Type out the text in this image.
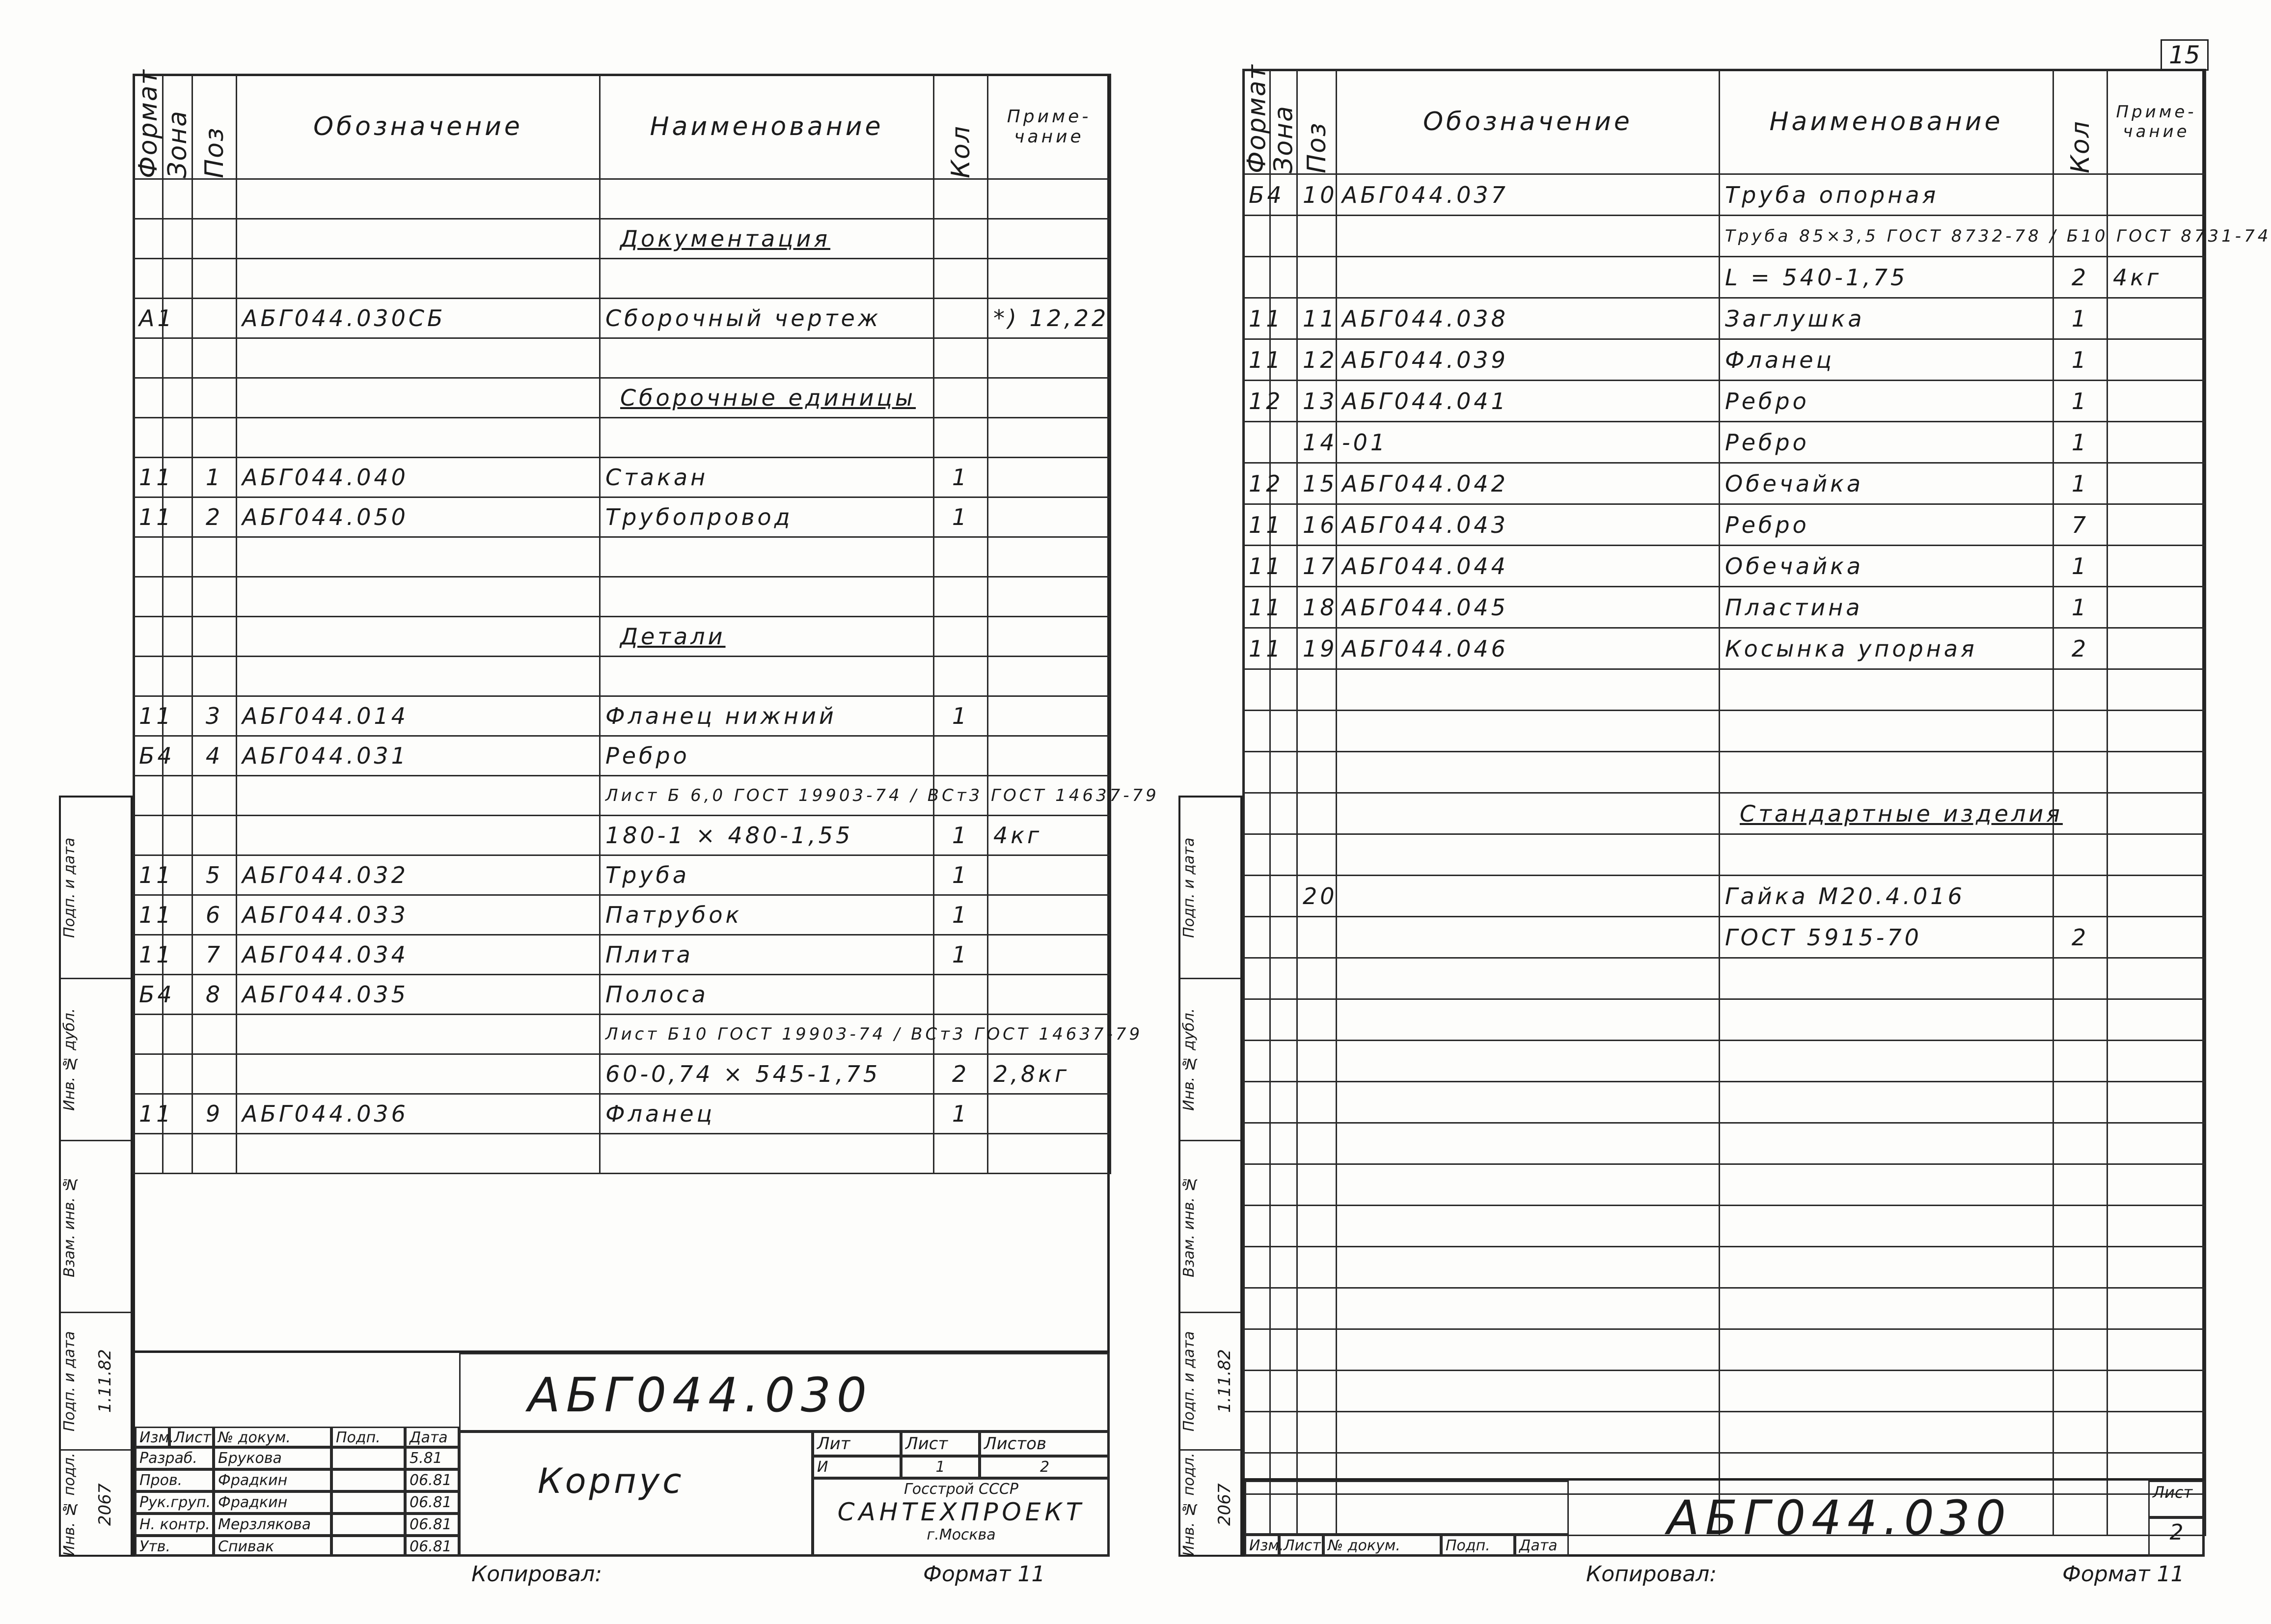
Формат	Зона	Поз	Обозначение	Наименование	Кол	Приме-
чание

				Документация		

А1			АБГ044.030СБ	Сборочный чертеж		*) 12,22

				Сборочные единицы		

11		1	АБГ044.040	Стакан	1	
11		2	АБГ044.050	Трубопровод	1	

				Детали		

11		3	АБГ044.014	Фланец нижний	1	
Б4		4	АБГ044.031	Ребро		
				Лист Б 6,0 ГОСТ 19903-74 / ВСт3 ГОСТ 14637-79		
				180-1 × 480-1,55	1	4кг
11		5	АБГ044.032	Труба	1	
11		6	АБГ044.033	Патрубок	1	
11		7	АБГ044.034	Плита	1	
Б4		8	АБГ044.035	Полоса		
				Лист Б10 ГОСТ 19903-74 / ВСт3 ГОСТ 14637-79		
				60-0,74 × 545-1,75	2	2,8кг
11		9	АБГ044.036	Фланец	1	

Подп. и дата
Инв. № дубл.
Взам. инв. №
Подп. и дата	1.11.82
Инв. № подл.	2067
Изм. Лист № докум.	Подп.	Дата
Разраб.	Брукова	5.81
Пров.	Фрадкин	06.81
Рук.груп. Фрадкин	06.81
Н. контр. Мерзлякова	06.81
Утв.	Спивак	06.81
АБГ044.030
Корпус
Лит	Лист	Листов
И	1	2
Госстрой СССР
САНТЕХПРОЕКТ
г.Москва
Копировал:	Формат 11
Формат	Зона	Поз	Обозначение	Наименование	Кол	Приме-
чание
Б4		10	АБГ044.037	Труба опорная		
				Труба 85×3,5 ГОСТ 8732-78 / Б10 ГОСТ 8731-74		
				L = 540-1,75	2	4кг
11		11	АБГ044.038	Заглушка	1	
11		12	АБГ044.039	Фланец	1	
12		13	АБГ044.041	Ребро	1	
		14	-01	Ребро	1	
12		15	АБГ044.042	Обечайка	1	
11		16	АБГ044.043	Ребро	7	
11		17	АБГ044.044	Обечайка	1	
11		18	АБГ044.045	Пластина	1	
11		19	АБГ044.046	Косынка упорная	2	

				Стандартные изделия		

		20		Гайка М20.4.016		
				ГОСТ 5915-70	2	

Подп. и дата
Инв. № дубл.
Взам. инв. №
Подп. и дата	1.11.82
Инв. № подл.	2067
Изм. Лист № докум.	Подп.	Дата
АБГ044.030	Лист
2
Копировал:	Формат 11
15
